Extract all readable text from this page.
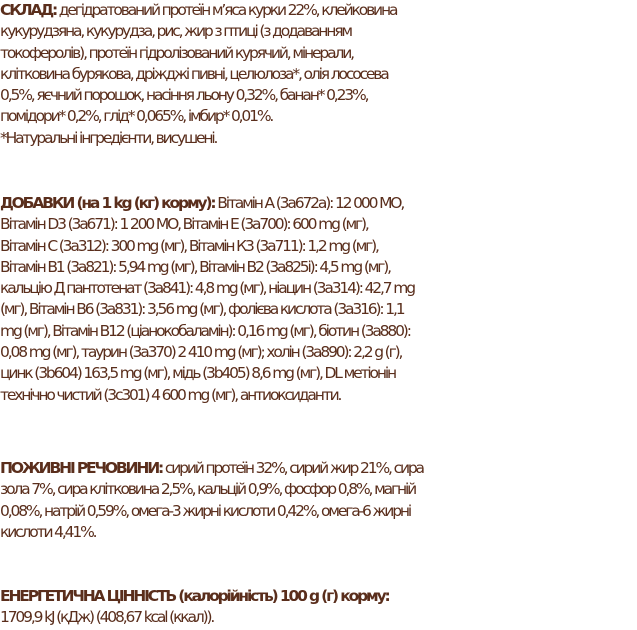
СКЛАД: дегідратований протеїн м’яса курки 22%, клейковина
кукурудзяна, кукурудза, рис, жир з птиці (з додаванням
токоферолів), протеїн гідролізований курячий, мінерали,
клітковина бурякова, дріжджі пивні, целюлоза*, олія лососева
0,5%, яєчний порошок, насіння льону 0,32%, банан* 0,23%,
помідори* 0,2%, глід* 0,065%, імбир* 0,01%.
*Натуральні інгредієнти, висушені.
ДОБАВКИ (на 1 kg (кг) корму): Вітамін А (3а672а): 12 000 МО,
Вітамін D3 (3а671): 1 200 МО, Вітамін Е (3а700): 600 mg (мг),
Вітамін С (3а312): 300 mg (мг), Вітамін К3 (3а711): 1,2 mg (мг),
Вітамін В1 (3а821): 5,94 mg (мг), Вітамін В2 (3а825і): 4,5 mg (мг),
кальцію Д пантотенат (3а841): 4,8 mg (мг), ніацин (3а314): 42,7 mg
(мг), Вітамін В6 (3а831): 3,56 mg (мг), фолієва кислота (3а316): 1,1
mg (мг), Вітамін В12 (ціанокобаламін): 0,16 mg (мг), біотин (3а880):
0,08 mg (мг), таурин (3а370) 2 410 mg (мг); холін (3а890): 2,2 g (г),
цинк (3b604) 163,5 mg (мг), мідь (3b405) 8,6 mg (мг), DL метіонін
технічно чистий (3с301) 4 600 mg (мг), антиоксиданти.
ПОЖИВНІ РЕЧОВИНИ: сирий протеїн 32%, сирий жир 21%, сира
зола 7%, сира клітковина 2,5%, кальцій 0,9%, фосфор 0,8%, магній
0,08%, натрій 0,59%, омега-3 жирні кислоти 0,42%, омега-6 жирні
кислоти 4,41%.
ЕНЕРГЕТИЧНА ЦІННІСТЬ (калорійність) 100 g (г) корму:
1709,9 kJ (кДж) (408,67 kcal (ккал)).
